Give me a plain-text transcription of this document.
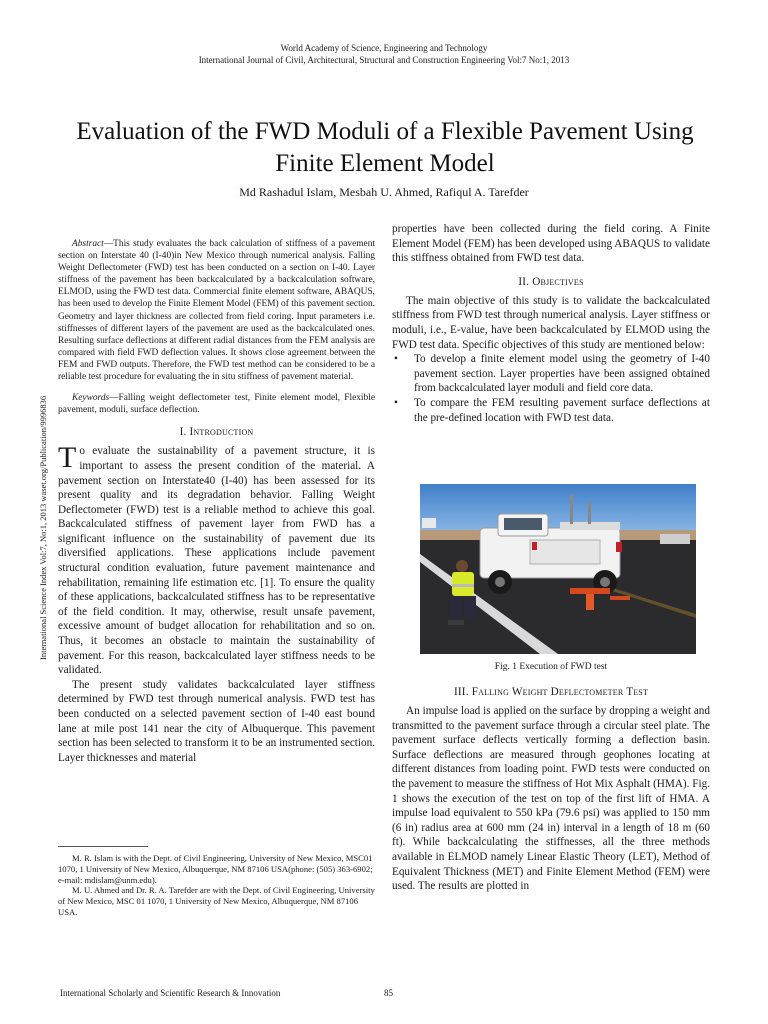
World Academy of Science, Engineering and Technology
International Journal of Civil, Architectural, Structural and Construction Engineering Vol:7 No:1, 2013
International Science Index Vol:7, No:1, 2013 waset.org/Publication/9996836
Evaluation of the FWD Moduli of a Flexible Pavement Using Finite Element Model
Md Rashadul Islam, Mesbah U. Ahmed, Rafiqul A. Tarefder

Abstract—This study evaluates the back calculation of stiffness of a pavement section on Interstate 40 (I-40)in New Mexico through numerical analysis. Falling Weight Deflectometer (FWD) test has been conducted on a section on I-40. Layer stiffness of the pavement has been backcalculated by a backcalculation software, ELMOD, using the FWD test data. Commercial finite element software, ABAQUS, has been used to develop the Finite Element Model (FEM) of this pavement section. Geometry and layer thickness are collected from field coring. Input parameters i.e. stiffnesses of different layers of the pavement are used as the backcalculated ones. Resulting surface deflections at different radial distances from the FEM analysis are compared with field FWD deflection values. It shows close agreement between the FEM and FWD outputs. Therefore, the FWD test method can be considered to be a reliable test procedure for evaluating the in situ stiffness of pavement material.

Keywords—Falling weight deflectometer test, Finite element model, Flexible pavement, moduli, surface deflection.

I. Introduction

To evaluate the sustainability of a pavement structure, it is important to assess the present condition of the material. A pavement section on Interstate40 (I-40) has been assessed for its present quality and its degradation behavior. Falling Weight Deflectometer (FWD) test is a reliable method to achieve this goal. Backcalculated stiffness of pavement layer from FWD has a significant influence on the sustainability of pavement due its diversified applications. These applications include pavement structural condition evaluation, future pavement maintenance and rehabilitation, remaining life estimation etc. [1]. To ensure the quality of these applications, backcalculated stiffness has to be representative of the field condition. It may, otherwise, result unsafe pavement, excessive amount of budget allocation for rehabilitation and so on. Thus, it becomes an obstacle to maintain the sustainability of pavement. For this reason, backcalculated layer stiffness needs to be validated.

The present study validates backcalculated layer stiffness determined by FWD test through numerical analysis. FWD test has been conducted on a selected pavement section of I-40 east bound lane at mile post 141 near the city of Albuquerque. This pavement section has been selected to transform it to be an instrumented section. Layer thicknesses and material

M. R. Islam is with the Dept. of Civil Engineering, University of New Mexico, MSC01 1070, 1 University of New Mexico, Albuquerque, NM 87106 USA(phone: (505) 363-6902; e-mail: mdislam@unm.edu).

M. U. Ahmed and Dr. R. A. Tarefder are with the Dept. of Civil Engineering, University of New Mexico, MSC 01 1070, 1 University of New Mexico, Albuquerque, NM 87106 USA.

properties have been collected during the field coring. A Finite Element Model (FEM) has been developed using ABAQUS to validate this stiffness obtained from FWD test data.

II. Objectives

The main objective of this study is to validate the backcalculated stiffness from FWD test through numerical analysis. Layer stiffness or moduli, i.e., E-value, have been backcalculated by ELMOD using the FWD test data. Specific objectives of this study are mentioned below:

• To develop a finite element model using the geometry of I-40 pavement section. Layer properties have been assigned obtained from backcalculated layer moduli and field core data.
• To compare the FEM resulting pavement surface deflections at the pre-defined location with FWD test data.
Fig. 1 Execution of FWD test
III. Falling Weight Deflectometer Test

An impulse load is applied on the surface by dropping a weight and transmitted to the pavement surface through a circular steel plate. The pavement surface deflects vertically forming a deflection basin. Surface deflections are measured through geophones locating at different distances from loading point. FWD tests were conducted on the pavement to measure the stiffness of Hot Mix Asphalt (HMA). Fig. 1 shows the execution of the test on top of the first lift of HMA. A impulse load equivalent to 550 kPa (79.6 psi) was applied to 150 mm (6 in) radius area at 600 mm (24 in) interval in a length of 18 m (60 ft). While backcalculating the stiffnesses, all the three methods available in ELMOD namely Linear Elastic Theory (LET), Method of Equivalent Thickness (MET) and Finite Element Method (FEM) were used. The results are plotted in

International Scholarly and Scientific Research & Innovation	85
